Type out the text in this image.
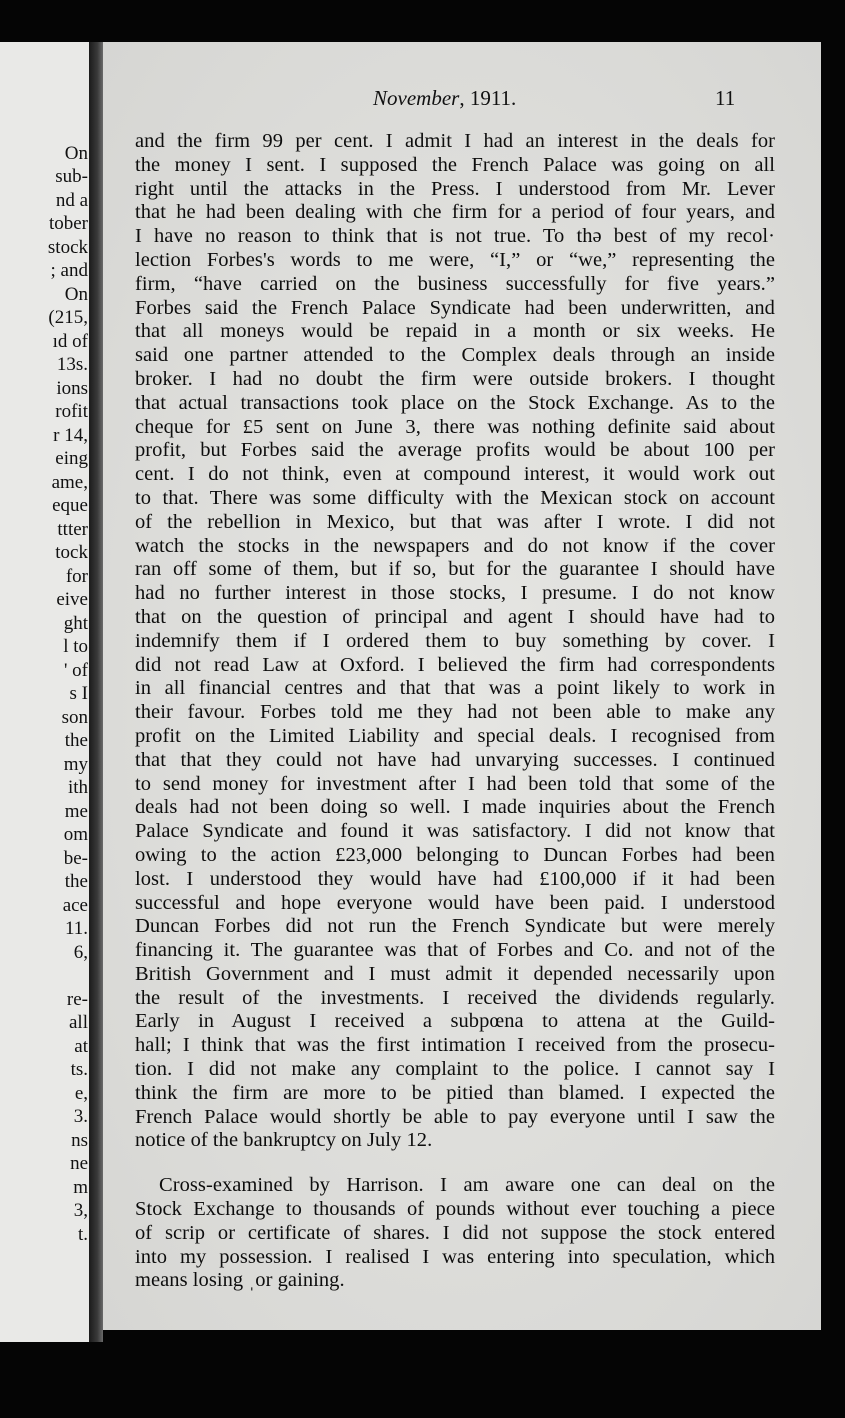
On
sub-
nd a
tober
stock
; and
On
(215,
ıd of
13s.
ions
rofit
r 14,
eing
ame,
eque
ttter
tock
for
eive
ght
l to
' of
s I
son
the
my
ith
me
om
be-
the
ace
11.
6,
re-
all
at
ts.
e,
3.
ns
ne
m
3,
t.
November, 1911.	11
and the firm 99 per cent. I admit I had an interest in the deals for
the money I sent. I supposed the French Palace was going on all
right until the attacks in the Press. I understood from Mr. Lever
that he had been dealing with che firm for a period of four years, and
I have no reason to think that is not true. To thə best of my recol·
lection Forbes's words to me were, “I,” or “we,” representing the
firm, “have carried on the business successfully for five years.”
Forbes said the French Palace Syndicate had been underwritten, and
that all moneys would be repaid in a month or six weeks. He
said one partner attended to the Complex deals through an inside
broker. I had no doubt the firm were outside brokers. I thought
that actual transactions took place on the Stock Exchange. As to the
cheque for £5 sent on June 3, there was nothing definite said about
profit, but Forbes said the average profits would be about 100 per
cent. I do not think, even at compound interest, it would work out
to that. There was some difficulty with the Mexican stock on account
of the rebellion in Mexico, but that was after I wrote. I did not
watch the stocks in the newspapers and do not know if the cover
ran off some of them, but if so, but for the guarantee I should have
had no further interest in those stocks, I presume. I do not know
that on the question of principal and agent I should have had to
indemnify them if I ordered them to buy something by cover. I
did not read Law at Oxford. I believed the firm had correspondents
in all financial centres and that that was a point likely to work in
their favour. Forbes told me they had not been able to make any
profit on the Limited Liability and special deals. I recognised from
that that they could not have had unvarying successes. I continued
to send money for investment after I had been told that some of the
deals had not been doing so well. I made inquiries about the French
Palace Syndicate and found it was satisfactory. I did not know that
owing to the action £23,000 belonging to Duncan Forbes had been
lost. I understood they would have had £100,000 if it had been
successful and hope everyone would have been paid. I understood
Duncan Forbes did not run the French Syndicate but were merely
financing it. The guarantee was that of Forbes and Co. and not of the
British Government and I must admit it depended necessarily upon
the result of the investments. I received the dividends regularly.
Early in August I received a subpœna to attena at the Guild-
hall; I think that was the first intimation I received from the prosecu-
tion. I did not make any complaint to the police. I cannot say I
think the firm are more to be pitied than blamed. I expected the
French Palace would shortly be able to pay everyone until I saw the
notice of the bankruptcy on July 12.
Cross-examined by Harrison. I am aware one can deal on the
Stock Exchange to thousands of pounds without ever touching a piece
of scrip or certificate of shares. I did not suppose the stock entered
into my possession. I realised I was entering into speculation, which
means losing ˌor gaining.
